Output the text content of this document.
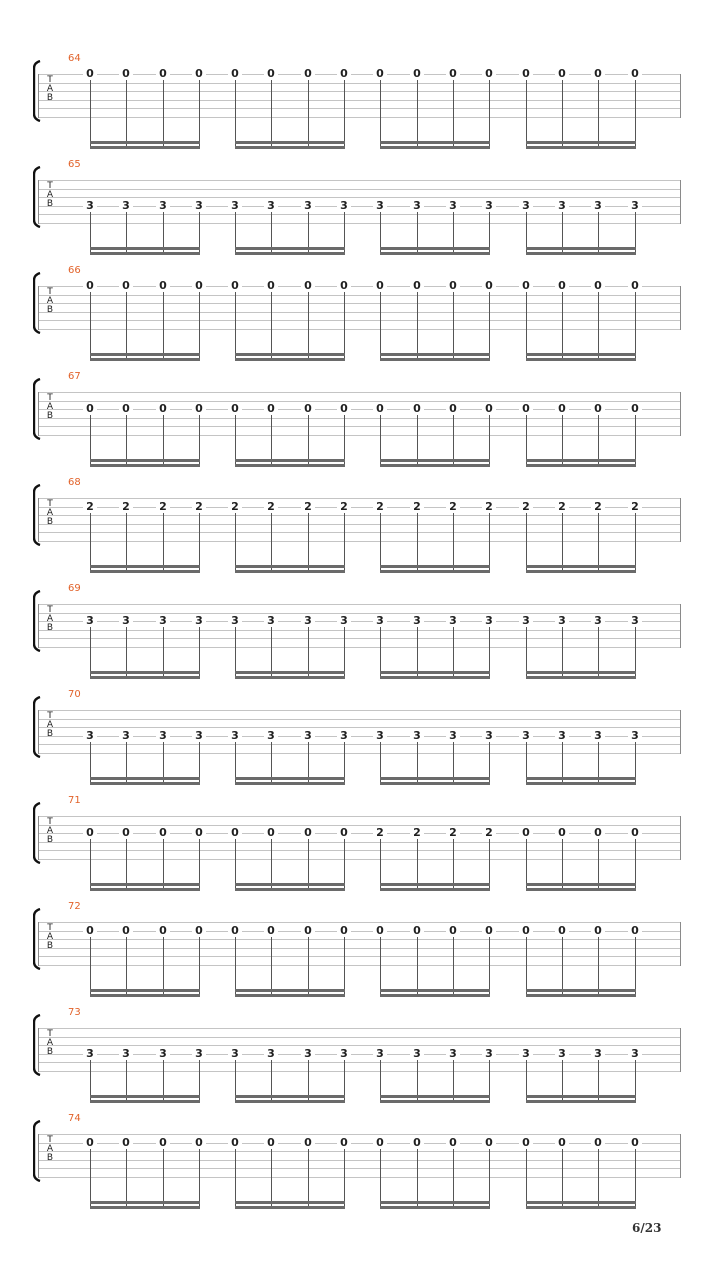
64
T
A
B
0	0	0	0	0	0	0	0	0	0	0	0	0	0	0	0
65
T
A
B	3	3	3	3	3	3	3	3	3	3	3	3	3	3	3	3
66
T
A
B
0	0	0	0	0	0	0	0	0	0	0	0	0	0	0	0
67
T
A
B
0	0	0	0	0	0	0	0	0	0	0	0	0	0	0	0
68
T
A
B
2	2	2	2	2	2	2	2	2	2	2	2	2	2	2	2
69
T
A
B
3	3	3	3	3	3	3	3	3	3	3	3	3	3	3	3
70
T
A
B	3	3	3	3	3	3	3	3	3	3	3	3	3	3	3	3
71
T
A
B
0	0	0	0	0	0	0	0	2	2	2	2	0	0	0	0
72
T
A
B
0	0	0	0	0	0	0	0	0	0	0	0	0	0	0	0
73
T
A
B	3	3	3	3	3	3	3	3	3	3	3	3	3	3	3	3
74
T
A
B
0	0	0	0	0	0	0	0	0	0	0	0	0	0	0	0
6/23
